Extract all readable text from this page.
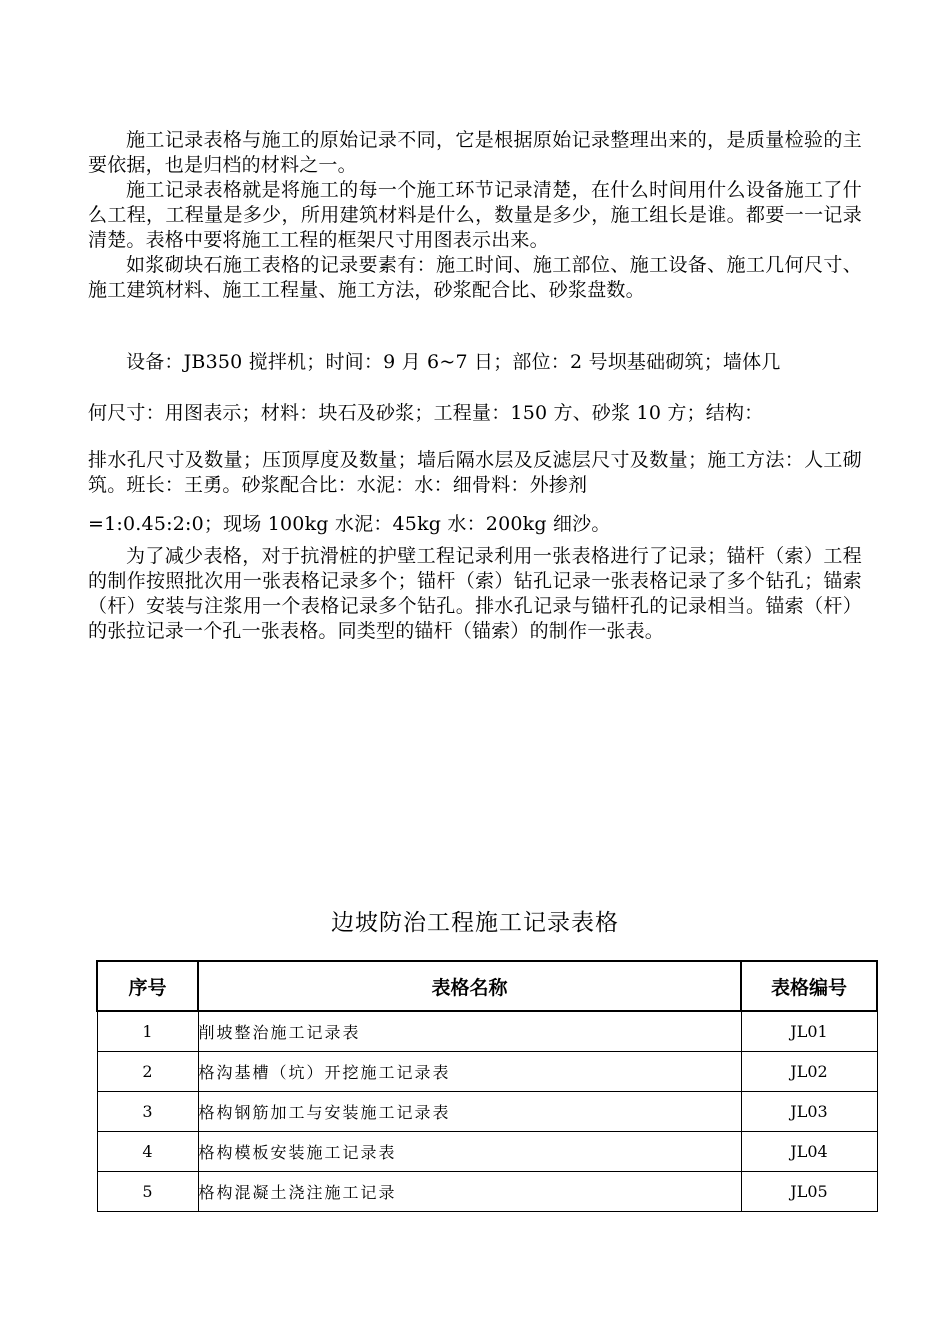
施工记录表格与施工的原始记录不同，它是根据原始记录整理出来的，是质量检验的主要依据，也是归档的材料之一。

施工记录表格就是将施工的每一个施工环节记录清楚，在什么时间用什么设备施工了什么工程，工程量是多少，所用建筑材料是什么，数量是多少，施工组长是谁。都要一一记录清楚。表格中要将施工工程的框架尺寸用图表示出来。

如浆砌块石施工表格的记录要素有：施工时间、施工部位、施工设备、施工几何尺寸、施工建筑材料、施工工程量、施工方法，砂浆配合比、砂浆盘数。

设备：JB350 搅拌机；时间：9 月 6~7 日；部位：2 号坝基础砌筑；墙体几

何尺寸：用图表示；材料：块石及砂浆；工程量：150 方、砂浆 10 方；结构：

排水孔尺寸及数量；压顶厚度及数量；墙后隔水层及反滤层尺寸及数量；施工方法：人工砌筑。班长：王勇。砂浆配合比：水泥：水：细骨料：外掺剂

=1:0.45:2:0；现场 100kg 水泥：45kg 水：200kg 细沙。

为了减少表格，对于抗滑桩的护壁工程记录利用一张表格进行了记录；锚杆（索）工程的制作按照批次用一张表格记录多个；锚杆（索）钻孔记录一张表格记录了多个钻孔；锚索（杆）安装与注浆用一个表格记录多个钻孔。排水孔记录与锚杆孔的记录相当。锚索（杆）的张拉记录一个孔一张表格。同类型的锚杆（锚索）的制作一张表。

边坡防治工程施工记录表格
序号	表格名称	表格编号
1	削坡整治施工记录表	JL01
2	格沟基槽（坑）开挖施工记录表	JL02
3	格构钢筋加工与安装施工记录表	JL03
4	格构模板安装施工记录表	JL04
5	格构混凝土浇注施工记录	JL05
